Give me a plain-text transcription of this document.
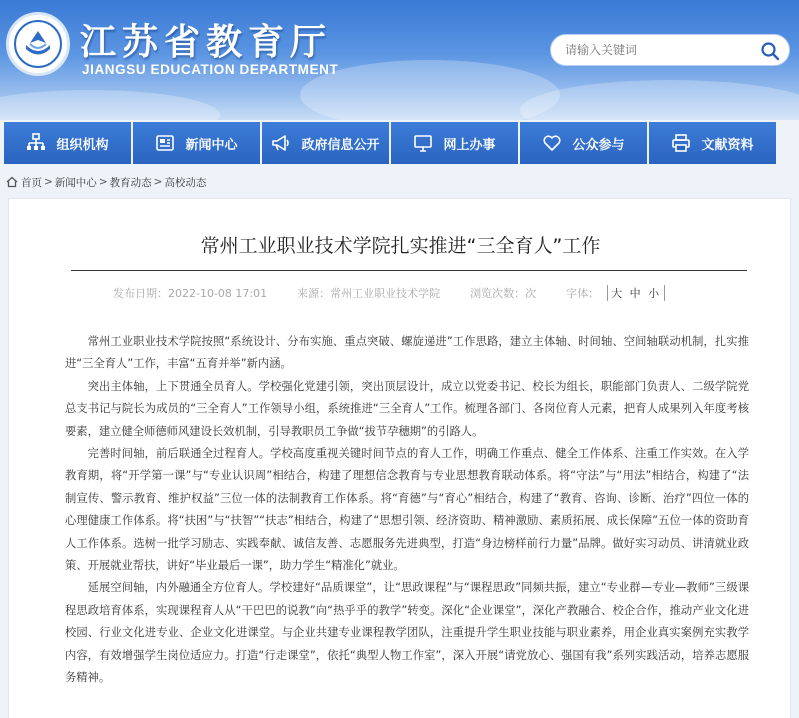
江苏省教育厅
JIANGSU EDUCATION DEPARTMENT
请输入关键词
组织机构	新闻中心	政府信息公开	网上办事	公众参与	文献资料
首页 > 新闻中心 > 教育动态 > 高校动态
常州工业职业技术学院扎实推进“三全育人”工作
发布日期：2022-10-08 17:01	来源：常州工业职业技术学院	浏览次数：次	字体：	大 中 小

常州工业职业技术学院按照“系统设计、分布实施、重点突破、螺旋递进”工作思路，建立主体轴、时间轴、空间轴联动机制，扎实推进“三全育人”工作，丰富“五育并举”新内涵。

突出主体轴，上下贯通全员育人。学校强化党建引领，突出顶层设计，成立以党委书记、校长为组长，职能部门负责人、二级学院党总支书记与院长为成员的“三全育人”工作领导小组，系统推进“三全育人”工作。梳理各部门、各岗位育人元素，把育人成果列入年度考核要素，建立健全师德师风建设长效机制，引导教职员工争做“拔节孕穗期”的引路人。

完善时间轴，前后联通全过程育人。学校高度重视关键时间节点的育人工作，明确工作重点、健全工作体系、注重工作实效。在入学教育期，将“开学第一课”与“专业认识周”相结合，构建了理想信念教育与专业思想教育联动体系。将“守法”与“用法”相结合，构建了“法制宣传、警示教育、维护权益”三位一体的法制教育工作体系。将“育德”与“育心”相结合，构建了“教育、咨询、诊断、治疗”四位一体的心理健康工作体系。将“扶困”与“扶智”“扶志”相结合，构建了“思想引领、经济资助、精神激励、素质拓展、成长保障”五位一体的资助育人工作体系。选树一批学习励志、实践奉献、诚信友善、志愿服务先进典型，打造“身边榜样前行力量”品牌。做好实习动员、讲清就业政策、开展就业帮扶，讲好“毕业最后一课”，助力学生“精准化”就业。

延展空间轴，内外融通全方位育人。学校建好“品质课堂”，让“思政课程”与“课程思政”同频共振，建立“专业群—专业—教师”三级课程思政培育体系，实现课程育人从“干巴巴的说教”向“热乎乎的教学”转变。深化“企业课堂”，深化产教融合、校企合作，推动产业文化进校园、行业文化进专业、企业文化进课堂。与企业共建专业课程教学团队，注重提升学生职业技能与职业素养，用企业真实案例充实教学内容，有效增强学生岗位适应力。打造“行走课堂”，依托“典型人物工作室”，深入开展“请党放心、强国有我”系列实践活动，培养志愿服务精神。
